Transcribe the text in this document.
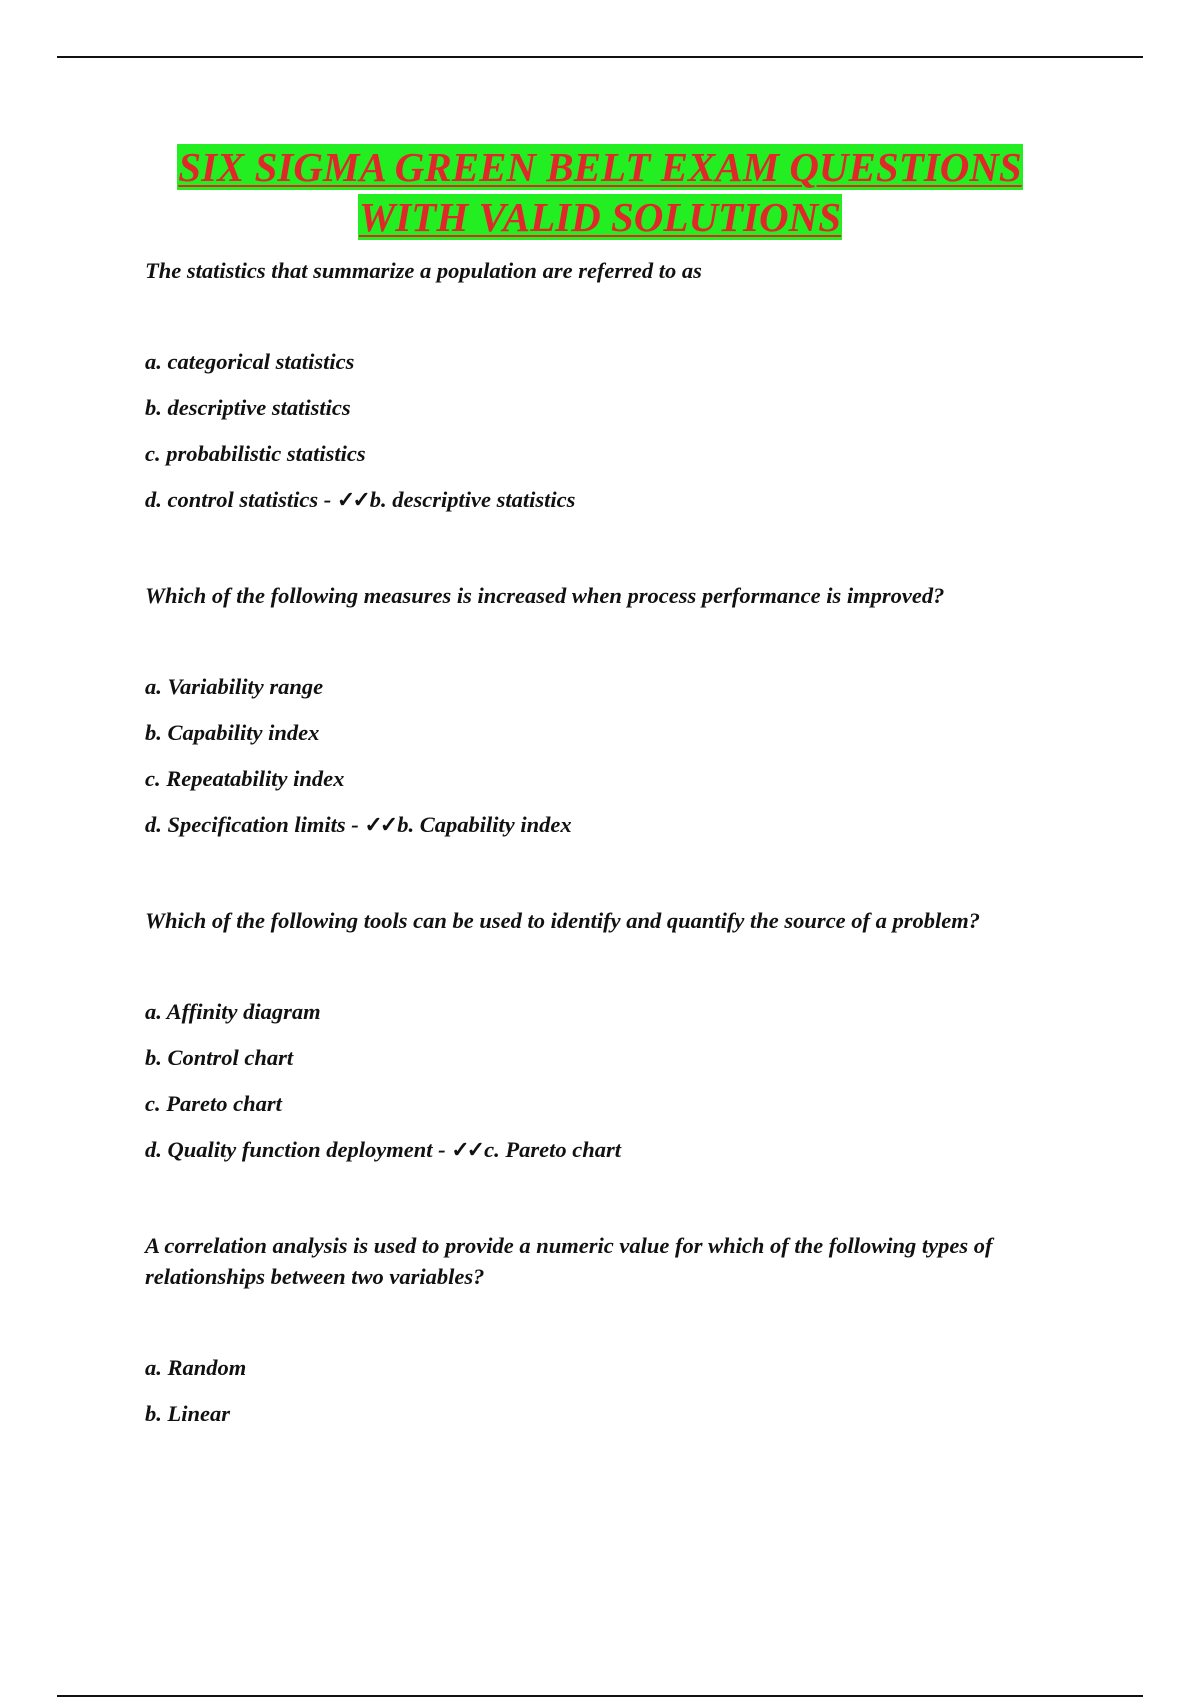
SIX SIGMA GREEN BELT EXAM QUESTIONS
WITH VALID SOLUTIONS
The statistics that summarize a population are referred to as
a. categorical statistics
b. descriptive statistics
c. probabilistic statistics
d. control statistics - ✓✓b. descriptive statistics
Which of the following measures is increased when process performance is improved?
a. Variability range
b. Capability index
c. Repeatability index
d. Specification limits - ✓✓b. Capability index
Which of the following tools can be used to identify and quantify the source of a problem?
a. Affinity diagram
b. Control chart
c. Pareto chart
d. Quality function deployment - ✓✓c. Pareto chart
A correlation analysis is used to provide a numeric value for which of the following types of relationships between two variables?
a. Random
b. Linear
